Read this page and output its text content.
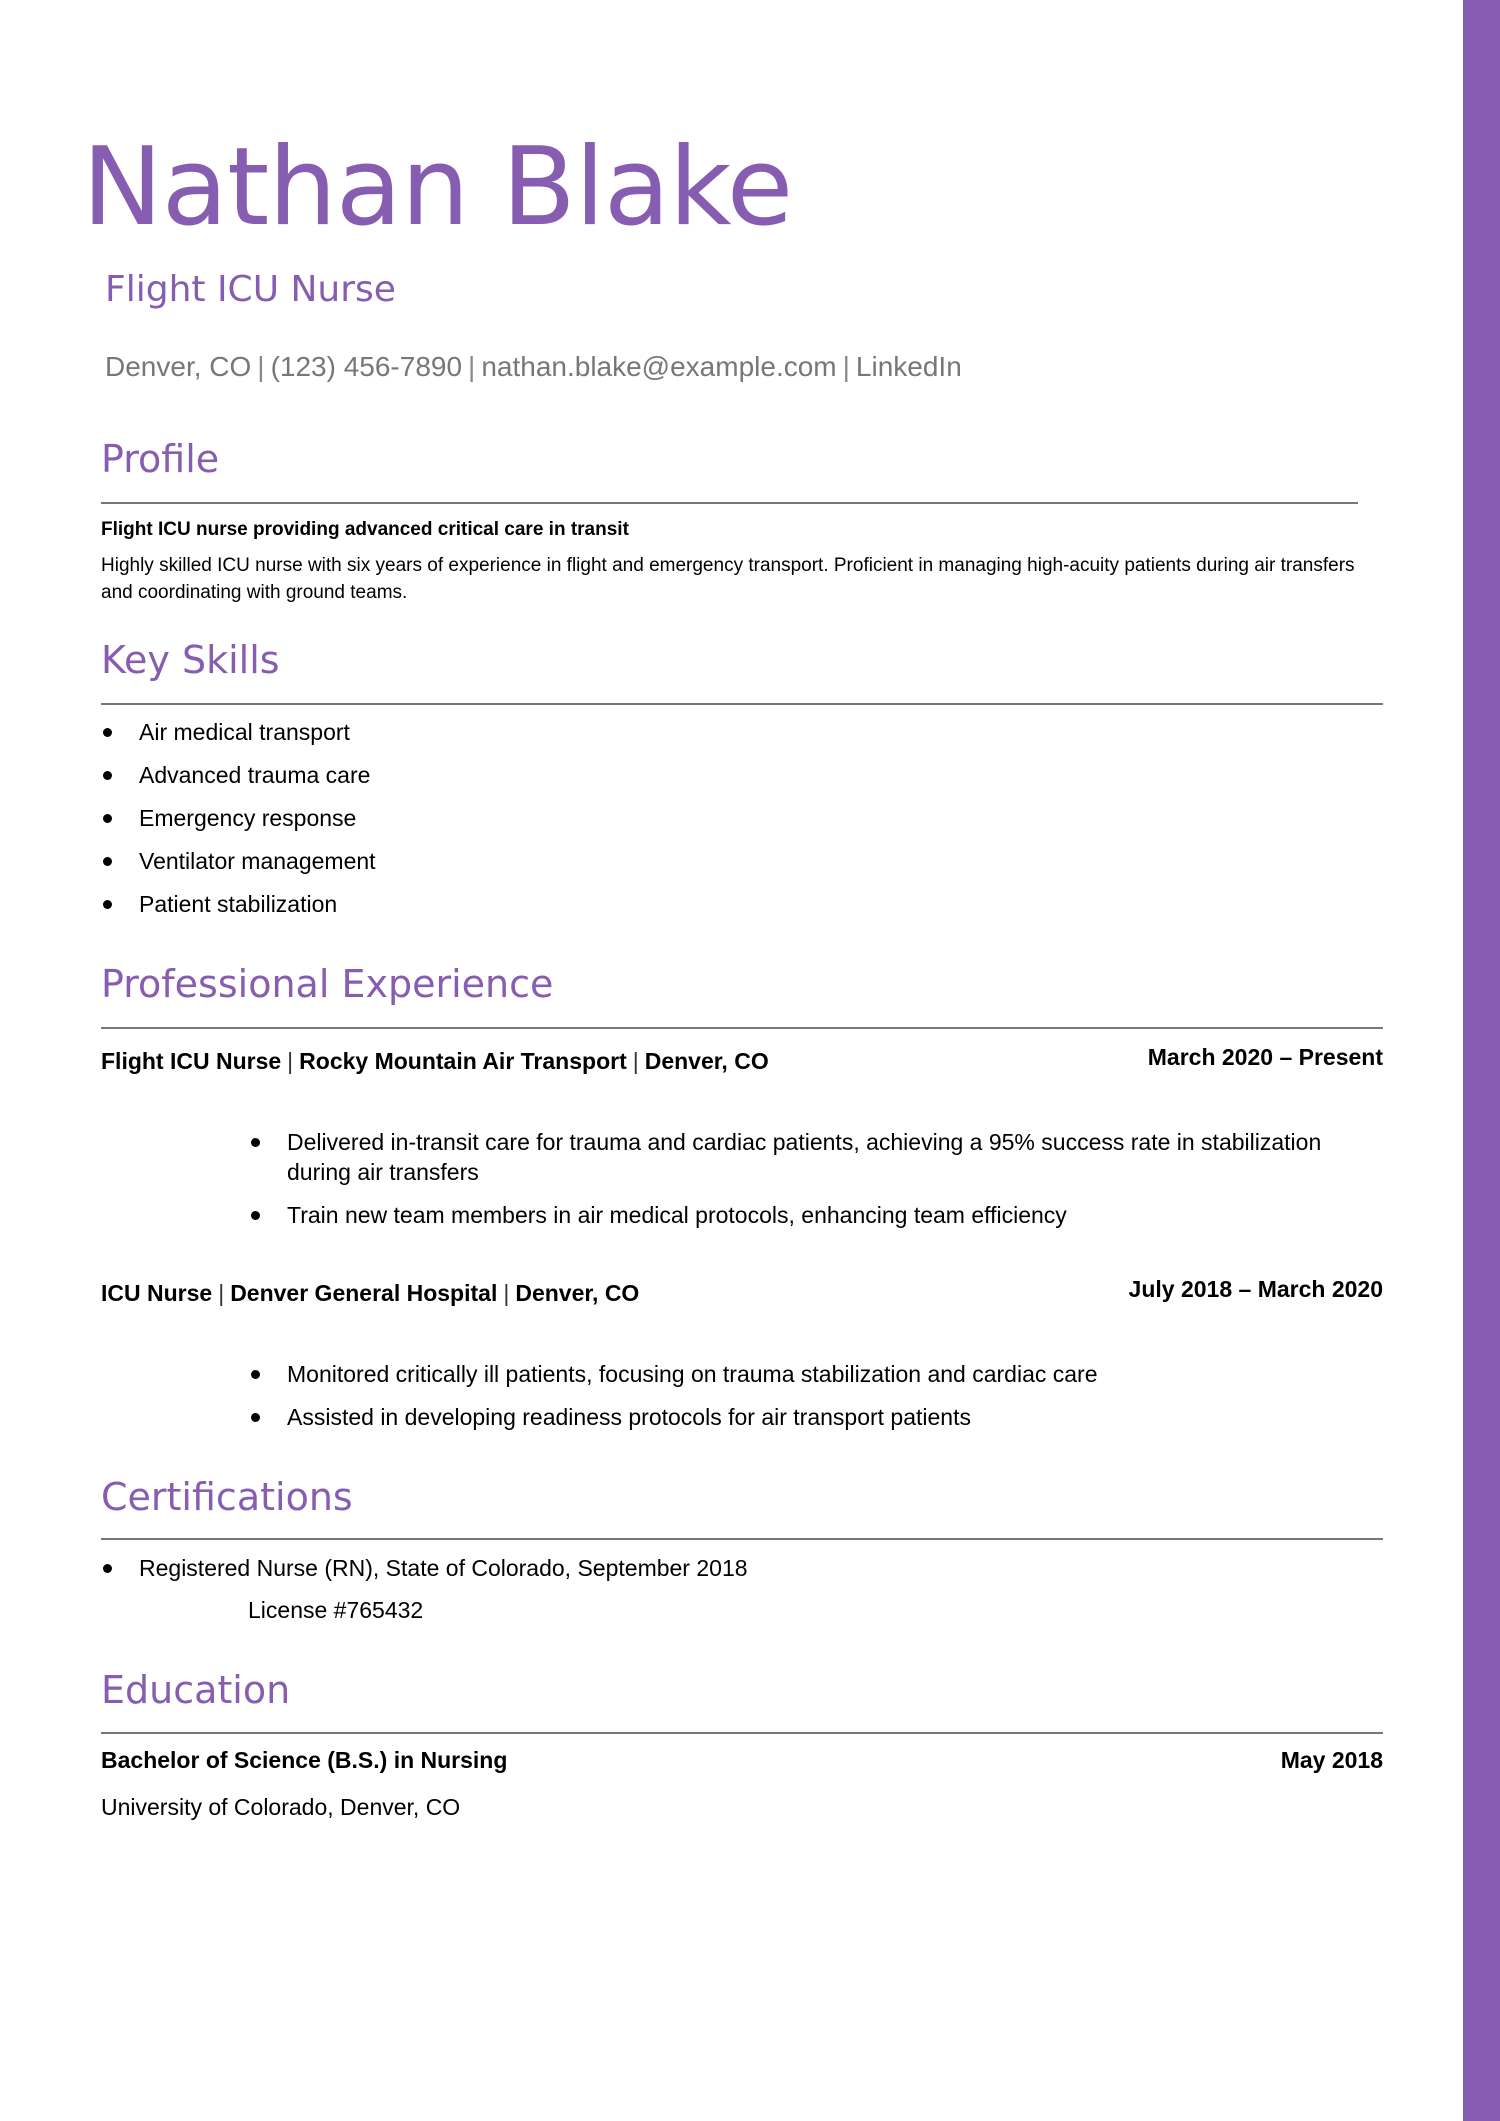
Nathan Blake
Flight ICU Nurse
Denver, CO | (123) 456-7890 | nathan.blake@example.com | LinkedIn
Profile
Flight ICU nurse providing advanced critical care in transit
Highly skilled ICU nurse with six years of experience in flight and emergency transport. Proficient in managing high-acuity patients during air transfers and coordinating with ground teams.
Key Skills
Air medical transport
Advanced trauma care
Emergency response
Ventilator management
Patient stabilization
Professional Experience
Flight ICU Nurse | Rocky Mountain Air Transport | Denver, CO	March 2020 – Present
Delivered in-transit care for trauma and cardiac patients, achieving a 95% success rate in stabilization during air transfers
Train new team members in air medical protocols, enhancing team efficiency
ICU Nurse | Denver General Hospital | Denver, CO	July 2018 – March 2020
Monitored critically ill patients, focusing on trauma stabilization and cardiac care
Assisted in developing readiness protocols for air transport patients
Certifications
Registered Nurse (RN), State of Colorado, September 2018
License #765432
Education
Bachelor of Science (B.S.) in Nursing	May 2018
University of Colorado, Denver, CO
